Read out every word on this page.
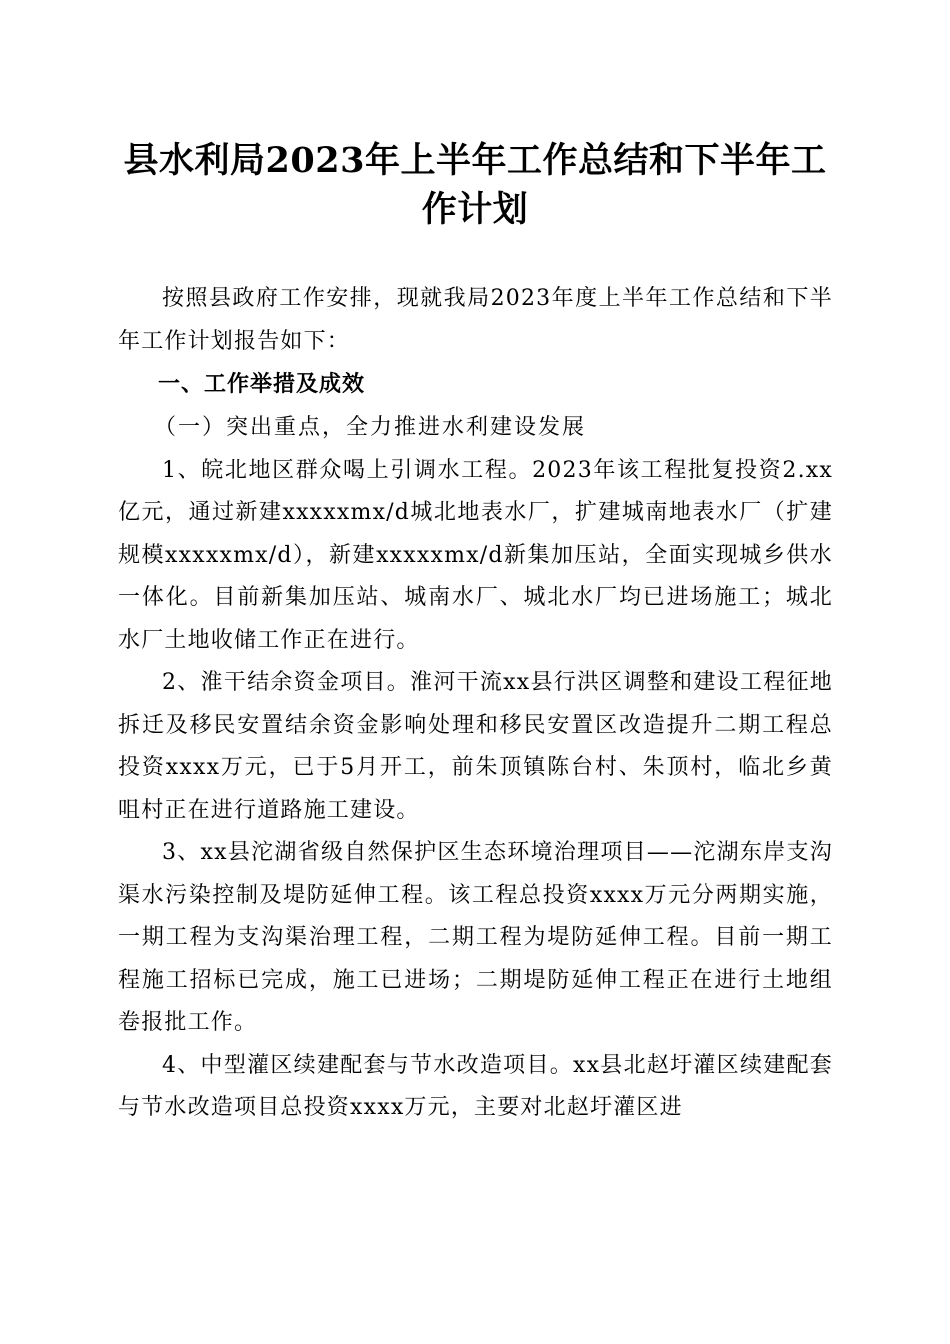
县水利局2023年上半年工作总结和下半年工作计划

按照县政府工作安排，现就我局2023年度上半年工作总结和下半年工作计划报告如下：

一、工作举措及成效

（一）突出重点，全力推进水利建设发展

1、皖北地区群众喝上引调水工程。2023年该工程批复投资2.xx亿元，通过新建xxxxxmx/d城北地表水厂，扩建城南地表水厂（扩建规模xxxxxmx/d），新建xxxxxmx/d新集加压站，全面实现城乡供水一体化。目前新集加压站、城南水厂、城北水厂均已进场施工；城北水厂土地收储工作正在进行。

2、淮干结余资金项目。淮河干流xx县行洪区调整和建设工程征地拆迁及移民安置结余资金影响处理和移民安置区改造提升二期工程总投资xxxx万元，已于5月开工，前朱顶镇陈台村、朱顶村，临北乡黄咀村正在进行道路施工建设。

3、xx县沱湖省级自然保护区生态环境治理项目——沱湖东岸支沟渠水污染控制及堤防延伸工程。该工程总投资xxxx万元分两期实施，一期工程为支沟渠治理工程，二期工程为堤防延伸工程。目前一期工程施工招标已完成，施工已进场；二期堤防延伸工程正在进行土地组卷报批工作。

4、中型灌区续建配套与节水改造项目。xx县北赵圩灌区续建配套与节水改造项目总投资xxxx万元，主要对北赵圩灌区进
